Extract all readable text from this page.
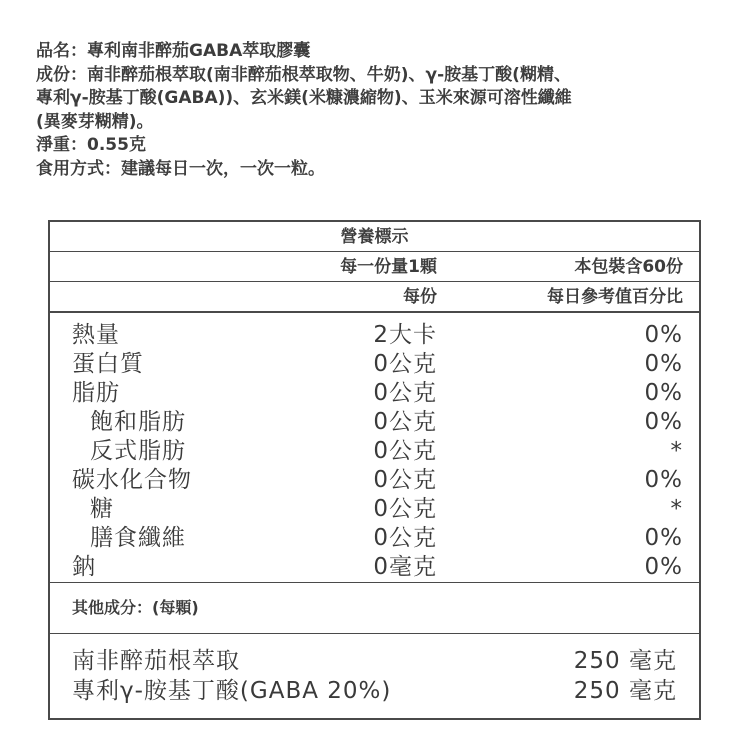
品名：專利南非醉茄GABA萃取膠囊
成份：南非醉茄根萃取(南非醉茄根萃取物、牛奶)、γ-胺基丁酸(糊精、
專利γ-胺基丁酸(GABA))、玄米鎂(米糠濃縮物)、玉米來源可溶性纖維
(異麥芽糊精)。
淨重：0.55克
食用方式：建議每日一次，一次一粒。
營養標示
每一份量1顆	本包裝含60份
每份	每日參考值百分比
熱量	2大卡	0%
蛋白質	0公克	0%
脂肪	0公克	0%
飽和脂肪	0公克	0%
反式脂肪	0公克	*
碳水化合物	0公克	0%
糖	0公克	*
膳食纖維	0公克	0%
鈉	0毫克	0%
其他成分：(每顆)
南非醉茄根萃取	250 毫克
專利γ-胺基丁酸(GABA 20%)	250 毫克
